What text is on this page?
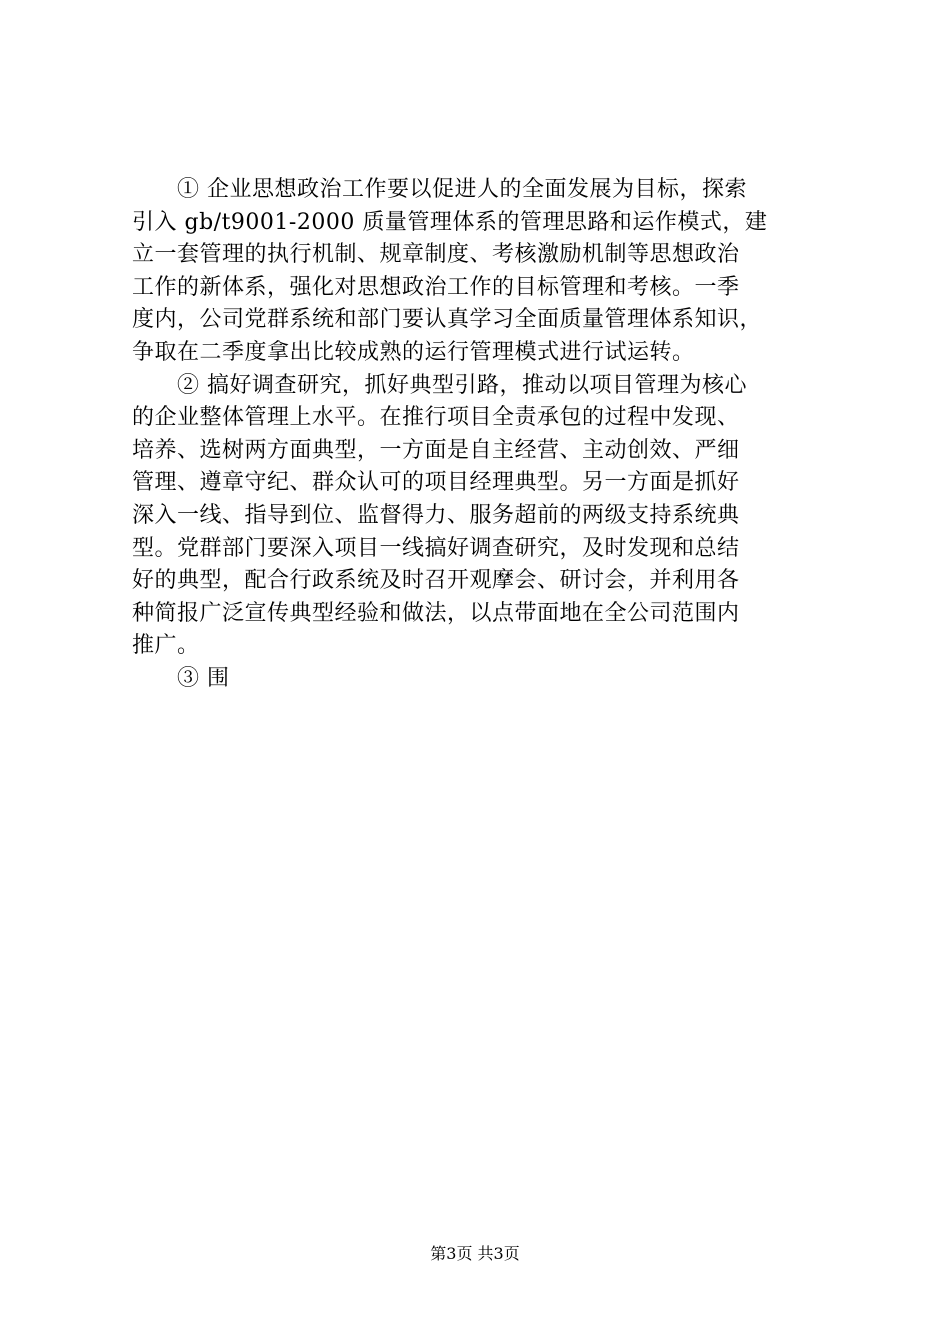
① 企业思想政治工作要以促进人的全面发展为目标，探索
引入 gb/t9001-2000 质量管理体系的管理思路和运作模式，建
立一套管理的执行机制、规章制度、考核激励机制等思想政治
工作的新体系，强化对思想政治工作的目标管理和考核。一季
度内，公司党群系统和部门要认真学习全面质量管理体系知识，
争取在二季度拿出比较成熟的运行管理模式进行试运转。
② 搞好调查研究，抓好典型引路，推动以项目管理为核心
的企业整体管理上水平。在推行项目全责承包的过程中发现、
培养、选树两方面典型，一方面是自主经营、主动创效、严细
管理、遵章守纪、群众认可的项目经理典型。另一方面是抓好
深入一线、指导到位、监督得力、服务超前的两级支持系统典
型。党群部门要深入项目一线搞好调查研究，及时发现和总结
好的典型，配合行政系统及时召开观摩会、研讨会，并利用各
种简报广泛宣传典型经验和做法，以点带面地在全公司范围内
推广。
③ 围
第3页 共3页
